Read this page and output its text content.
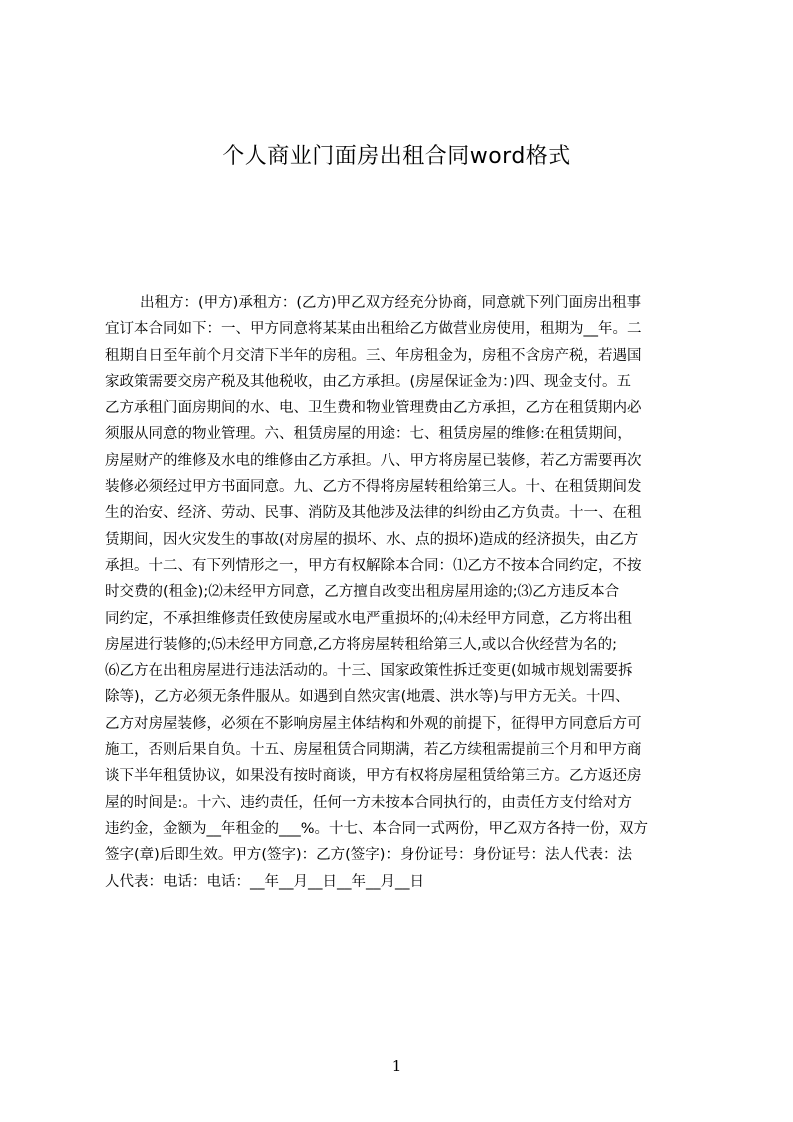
个人商业门面房出租合同word格式
出租方：(甲方)承租方：(乙方)甲乙双方经充分协商，同意就下列门面房出租事
宜订本合同如下：一、甲方同意将某某由出租给乙方做营业房使用，租期为__年。二
租期自日至年前个月交清下半年的房租。三、年房租金为，房租不含房产税，若遇国
家政策需要交房产税及其他税收，由乙方承担。(房屋保证金为：)四、现金支付。五
乙方承租门面房期间的水、电、卫生费和物业管理费由乙方承担，乙方在租赁期内必
须服从同意的物业管理。六、租赁房屋的用途：七、租赁房屋的维修:在租赁期间，
房屋财产的维修及水电的维修由乙方承担。八、甲方将房屋已装修，若乙方需要再次
装修必须经过甲方书面同意。九、乙方不得将房屋转租给第三人。十、在租赁期间发
生的治安、经济、劳动、民事、消防及其他涉及法律的纠纷由乙方负责。十一、在租
赁期间，因火灾发生的事故(对房屋的损坏、水、点的损坏)造成的经济损失，由乙方
承担。十二、有下列情形之一，甲方有权解除本合同：⑴乙方不按本合同约定，不按
时交费的(租金);⑵未经甲方同意，乙方擅自改变出租房屋用途的;⑶乙方违反本合
同约定，不承担维修责任致使房屋或水电严重损坏的;⑷未经甲方同意，乙方将出租
房屋进行装修的;⑸未经甲方同意,乙方将房屋转租给第三人,或以合伙经营为名的;
⑹乙方在出租房屋进行违法活动的。十三、国家政策性拆迁变更(如城市规划需要拆
除等)，乙方必须无条件服从。如遇到自然灾害(地震、洪水等)与甲方无关。十四、
乙方对房屋装修，必须在不影响房屋主体结构和外观的前提下，征得甲方同意后方可
施工，否则后果自负。十五、房屋租赁合同期满，若乙方续租需提前三个月和甲方商
谈下半年租赁协议，如果没有按时商谈，甲方有权将房屋租赁给第三方。乙方返还房
屋的时间是:。十六、违约责任，任何一方未按本合同执行的，由责任方支付给对方
违约金，金额为__年租金的___%。十七、本合同一式两份，甲乙双方各持一份，双方
签字(章)后即生效。甲方(签字)：乙方(签字)：身份证号：身份证号：法人代表：法
人代表：电话：电话：__年__月__日__年__月__日
1
